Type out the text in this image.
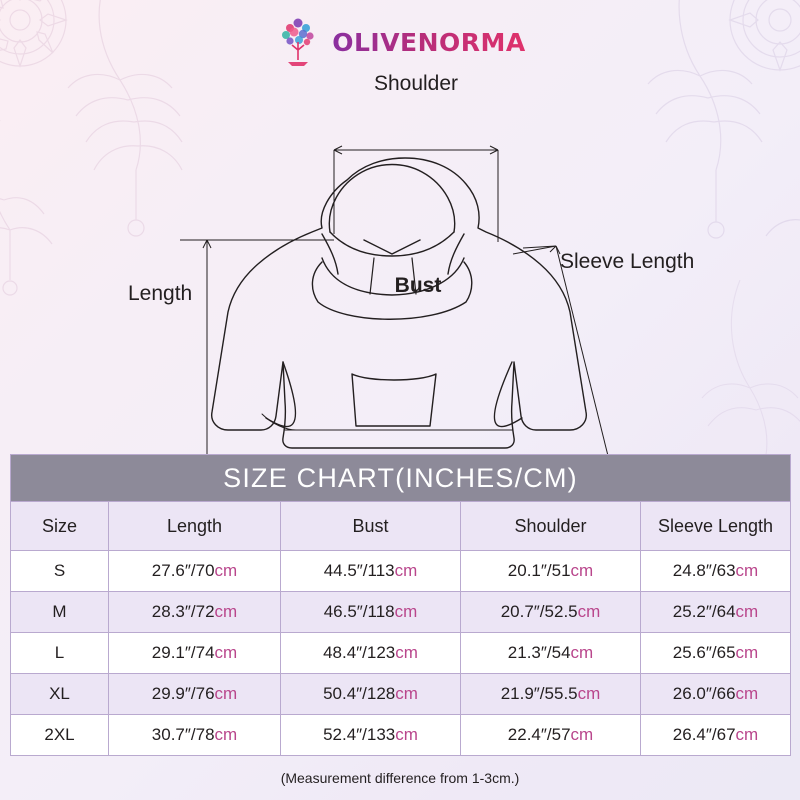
OLIVENORMA
Shoulder
Sleeve Length
Length	Bust
SIZE CHART(INCHES/CM)				
Size	Length	Bust	Shoulder	Sleeve Length
S	27.6″/70cm	44.5″/113cm	20.1″/51cm	24.8″/63cm
M	28.3″/72cm	46.5″/118cm	20.7″/52.5cm	25.2″/64cm
L	29.1″/74cm	48.4″/123cm	21.3″/54cm	25.6″/65cm
XL	29.9″/76cm	50.4″/128cm	21.9″/55.5cm	26.0″/66cm
2XL	30.7″/78cm	52.4″/133cm	22.4″/57cm	26.4″/67cm
(Measurement difference from 1-3cm.)
